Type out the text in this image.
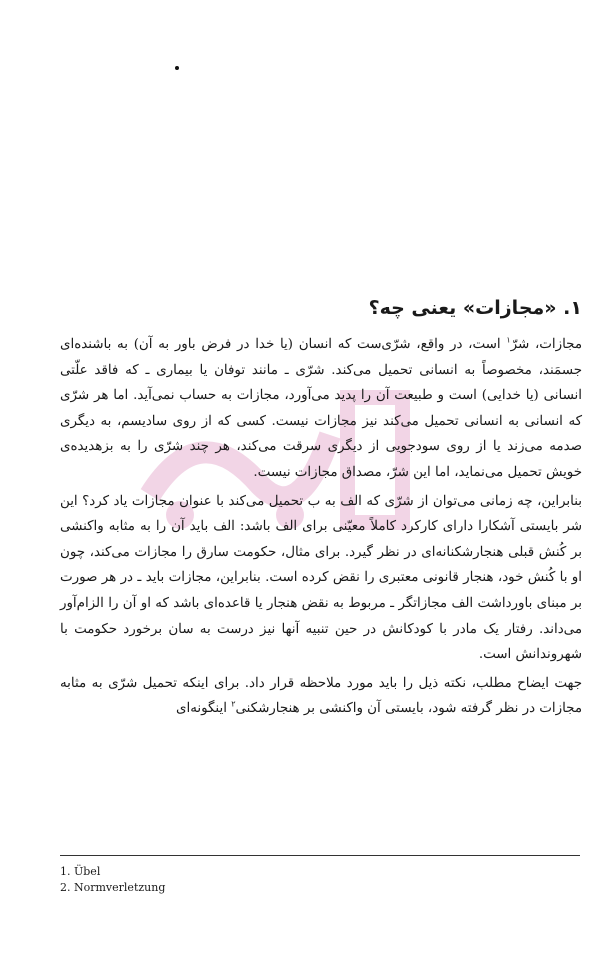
۱. «مجازات» یعنی چه؟

مجازات، شرّ$^۱$ است، در واقع، شرّی‌ست که انسان (یا خدا در فرض باور به آن) به باشنده‌ای جسمَند، مخصوصاً به انسانی تحمیل می‌کند. شرّی ـ مانند توفان یا بیماری ـ که فاقد علّتی انسانی (یا خدایی) است و طبیعت آن را پدید می‌آورد، مجازات به حساب نمی‌آید. اما هر شرّی که انسانی به انسانی تحمیل می‌کند نیز مجازات نیست. کسی که از روی سادیسم، به دیگری صدمه می‌زند یا از روی سودجویی از دیگری سرقت می‌کند، هر چند شرّی را به بزهدیده‌ی خویش تحمیل می‌نماید، اما این شرّ، مصداق مجازات نیست.

بنابراین، چه زمانی می‌توان از شرّی که الف به ب تحمیل می‌کند با عنوان مجازات یاد کرد؟ این شر بایستی آشکارا دارای کارکرد کاملاً معیّنی برای الف باشد: الف باید آن را به مثابه واکنشی بر کُنش قبلی هنجارشکنانه‌ای در نظر گیرد. برای مثال، حکومت سارق را مجازات می‌کند، چون او با کُنش خود، هنجار قانونی معتبری را نقض کرده است. بنابراین، مجازات باید ـ در هر صورت بر مبنای باورداشت الف مجازاتگر ـ مربوط به نقض هنجار یا قاعده‌ای باشد که او آن را الزام‌آور می‌داند. رفتار یک مادر با کودکانش در حین تنبیه آنها نیز درست به سان برخورد حکومت با شهروندانش است.

جهت ایضاح مطلب، نکته ذیل را باید مورد ملاحظه قرار داد. برای اینکه تحمیل شرّی به مثابه مجازات در نظر گرفته شود، بایستی آن واکنشی بر هنجارشکنی$^۲$ اینگونه‌ای

1. Übel
2. Normverletzung
